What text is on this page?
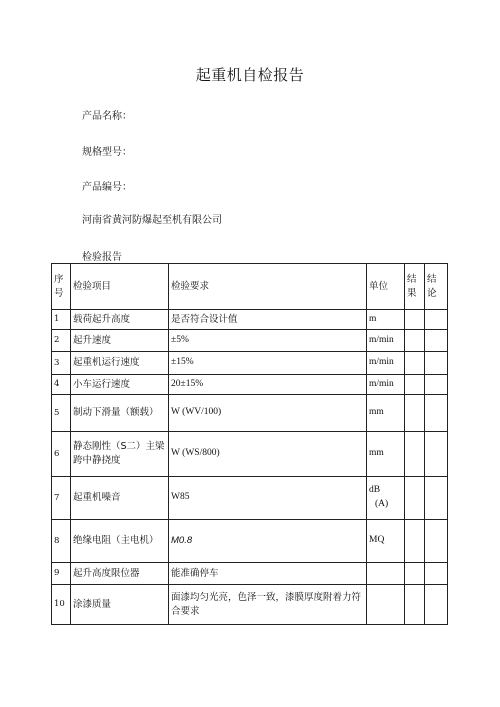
起重机自检报告
产品名称：
规格型号：
产品编号：
河南省黄河防爆起至机有限公司
检验报告
序号	检验项目	检验要求	单位	结果	结论
1	载荷起升高度	是否符合设计值	m		
2	起升速度	±5%	m/min		
3	起重机运行速度	±15%	m/min		
4	小车运行速度	20±15%	m/min		
5	制动下滑量（额载）	W (WV/100)	mm		
6	静态刚性（S二）主梁跨中静挠度	W (WS/800)	mm		
7	起重机噪音	W85	dB
(A)		

8	绝缘电阻（主电机）	M0.8	MQ		
9	起升高度限位器	能准确停车			
10	涂漆质量	面漆均匀光亮，色泽一致，漆膜厚度附着力符合要求			
